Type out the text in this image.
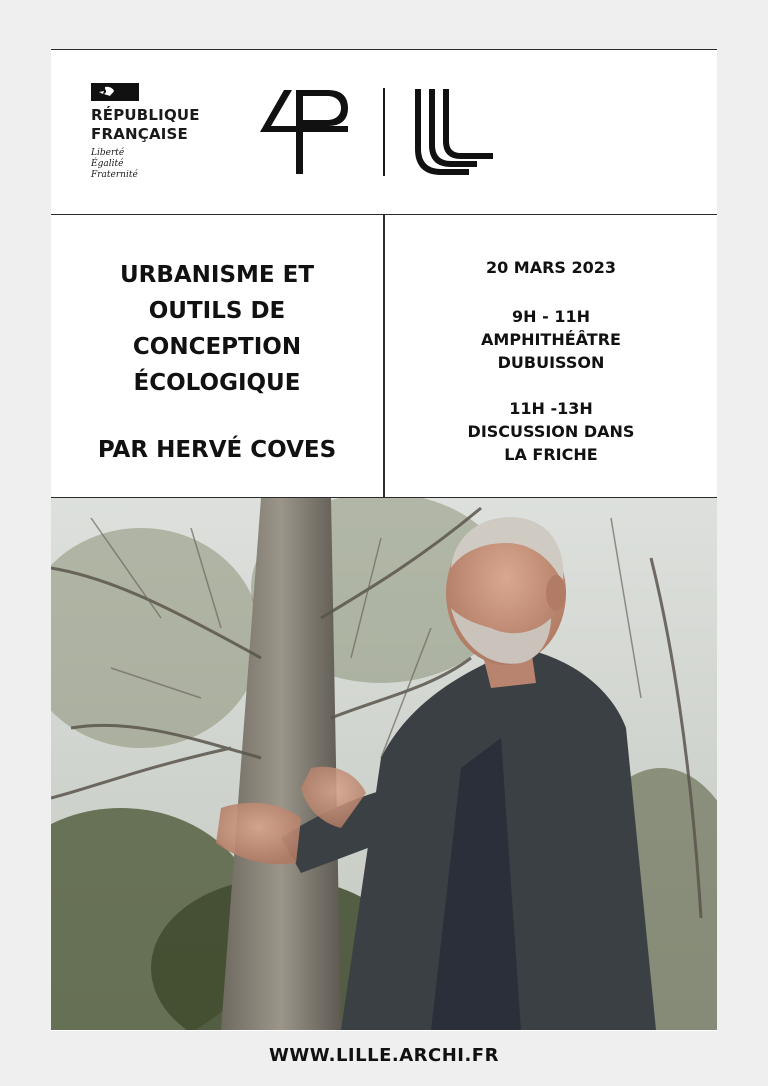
RÉPUBLIQUE
FRANÇAISE
Liberté
Égalité
Fraternité
URBANISME ET
OUTILS DE
CONCEPTION
ÉCOLOGIQUE
PAR HERVÉ COVES
20 MARS 2023
9H - 11H
AMPHITHÉÂTRE
DUBUISSON
11H -13H
DISCUSSION DANS
LA FRICHE
WWW.LILLE.ARCHI.FR
